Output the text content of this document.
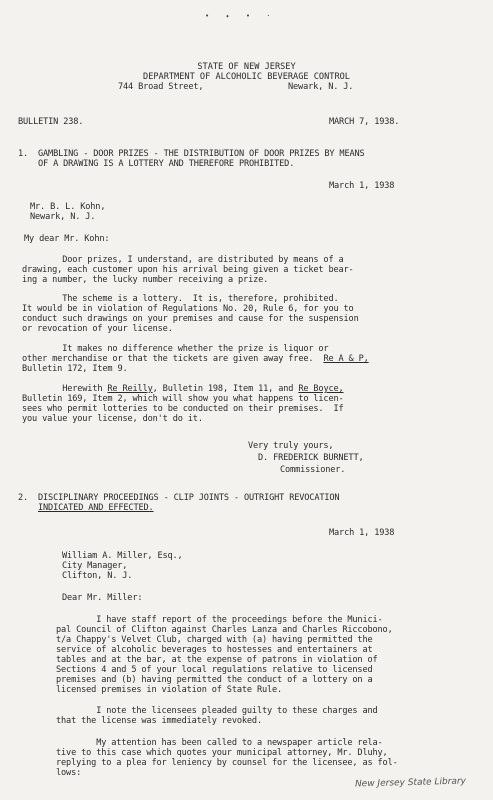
• ✦ • ·
STATE OF NEW JERSEY
DEPARTMENT OF ALCOHOLIC BEVERAGE CONTROL
744 Broad Street,	Newark, N. J.
BULLETIN 238.	MARCH 7, 1938.
1. GAMBLING - DOOR PRIZES - THE DISTRIBUTION OF DOOR PRIZES BY MEANS
OF A DRAWING IS A LOTTERY AND THEREFORE PROHIBITED.
March 1, 1938
Mr. B. L. Kohn,
Newark, N. J.
My dear Mr. Kohn:
Door prizes, I understand, are distributed by means of a
drawing, each customer upon his arrival being given a ticket bear-
ing a number, the lucky number receiving a prize.
The scheme is a lottery.  It is, therefore, prohibited.
It would be in violation of Regulations No. 20, Rule 6, for you to
conduct such drawings on your premises and cause for the suspension
or revocation of your license.
It makes no difference whether the prize is liquor or
other merchandise or that the tickets are given away free.  Re A & P,
Bulletin 172, Item 9.
Herewith Re Reilly, Bulletin 198, Item 11, and Re Boyce,
Bulletin 169, Item 2, which will show you what happens to licen-
sees who permit lotteries to be conducted on their premises.  If
you value your license, don't do it.
Very truly yours,
D. FREDERICK BURNETT,
Commissioner.
2. DISCIPLINARY PROCEEDINGS - CLIP JOINTS - OUTRIGHT REVOCATION
INDICATED AND EFFECTED.
March 1, 1938
William A. Miller, Esq.,
City Manager,
Clifton, N. J.
Dear Mr. Miller:
I have staff report of the proceedings before the Munici-
pal Council of Clifton against Charles Lanza and Charles Riccobono,
t/a Chappy's Velvet Club, charged with (a) having permitted the
service of alcoholic beverages to hostesses and entertainers at
tables and at the bar, at the expense of patrons in violation of
Sections 4 and 5 of your local regulations relative to licensed
premises and (b) having permitted the conduct of a lottery on a
licensed premises in violation of State Rule.
I note the licensees pleaded guilty to these charges and
that the license was immediately revoked.
My attention has been called to a newspaper article rela-
tive to this case which quotes your municipal attorney, Mr. Dluhy,
replying to a plea for leniency by counsel for the licensee, as fol-
lows:
New Jersey State Library
